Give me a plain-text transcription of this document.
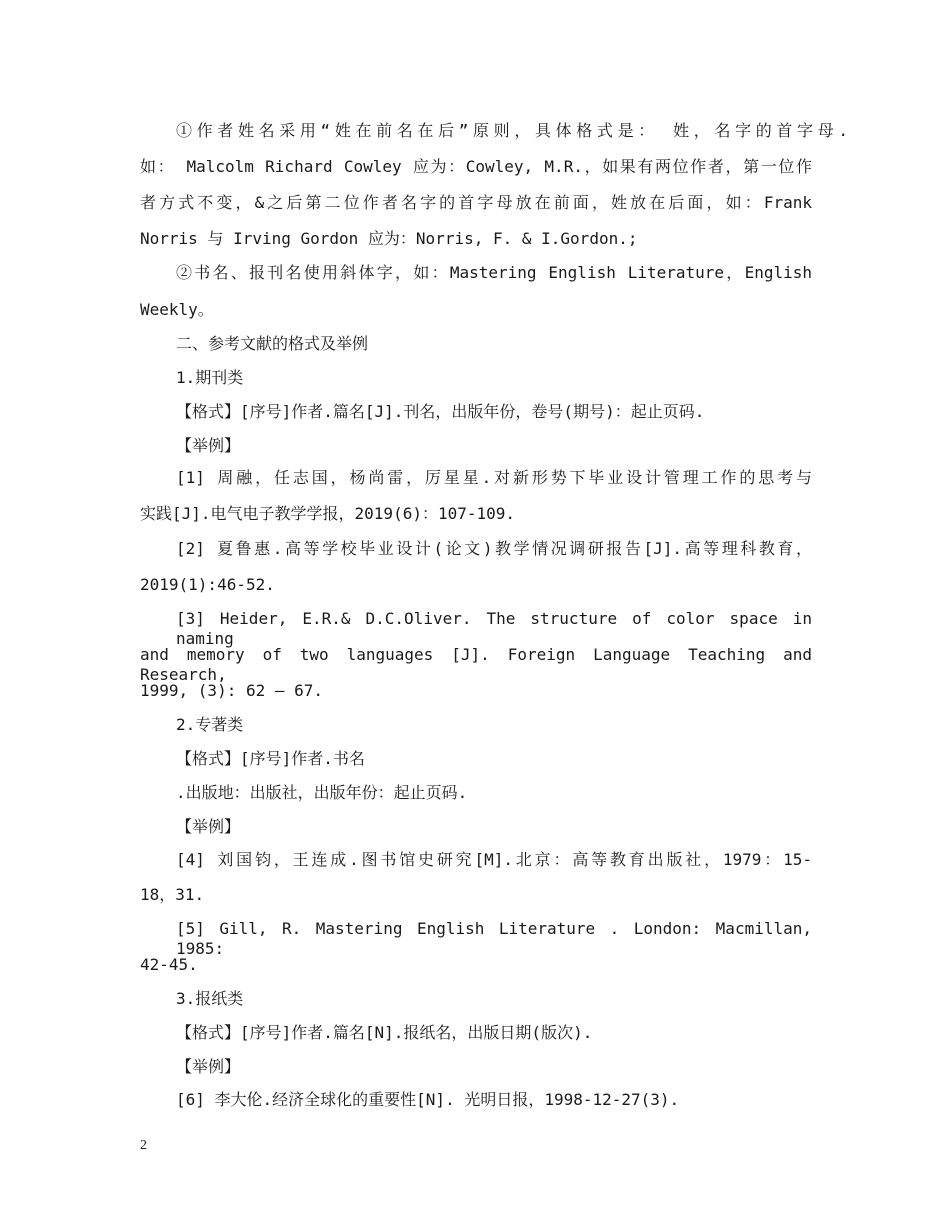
①作者姓名采用“姓在前名在后”原则，具体格式是： 姓，名字的首字母.
如： Malcolm Richard Cowley 应为：Cowley, M.R.，如果有两位作者，第一位作
者方式不变，&之后第二位作者名字的首字母放在前面，姓放在后面，如：Frank
Norris 与 Irving Gordon 应为：Norris, F. & I.Gordon.;
②书名、报刊名使用斜体字，如：Mastering English Literature，English
Weekly。
二、参考文献的格式及举例
1.期刊类
【格式】[序号]作者.篇名[J].刊名，出版年份，卷号(期号)：起止页码.
【举例】
[1] 周融，任志国，杨尚雷，厉星星.对新形势下毕业设计管理工作的思考与
实践[J].电气电子教学学报，2019(6)：107-109.
[2] 夏鲁惠.高等学校毕业设计(论文)教学情况调研报告[J].高等理科教育，
2019(1):46-52.
[3] Heider, E.R.& D.C.Oliver. The structure of color space in naming
and memory of two languages [J]. Foreign Language Teaching and Research,
1999, (3): 62 – 67.
2.专著类
【格式】[序号]作者.书名
.出版地：出版社，出版年份：起止页码.
【举例】
[4] 刘国钧，王连成.图书馆史研究[M].北京：高等教育出版社，1979：15-
18，31.
[5] Gill, R. Mastering English Literature . London: Macmillan, 1985:
42-45.
3.报纸类
【格式】[序号]作者.篇名[N].报纸名，出版日期(版次).
【举例】
[6] 李大伦.经济全球化的重要性[N]. 光明日报，1998-12-27(3).
2
